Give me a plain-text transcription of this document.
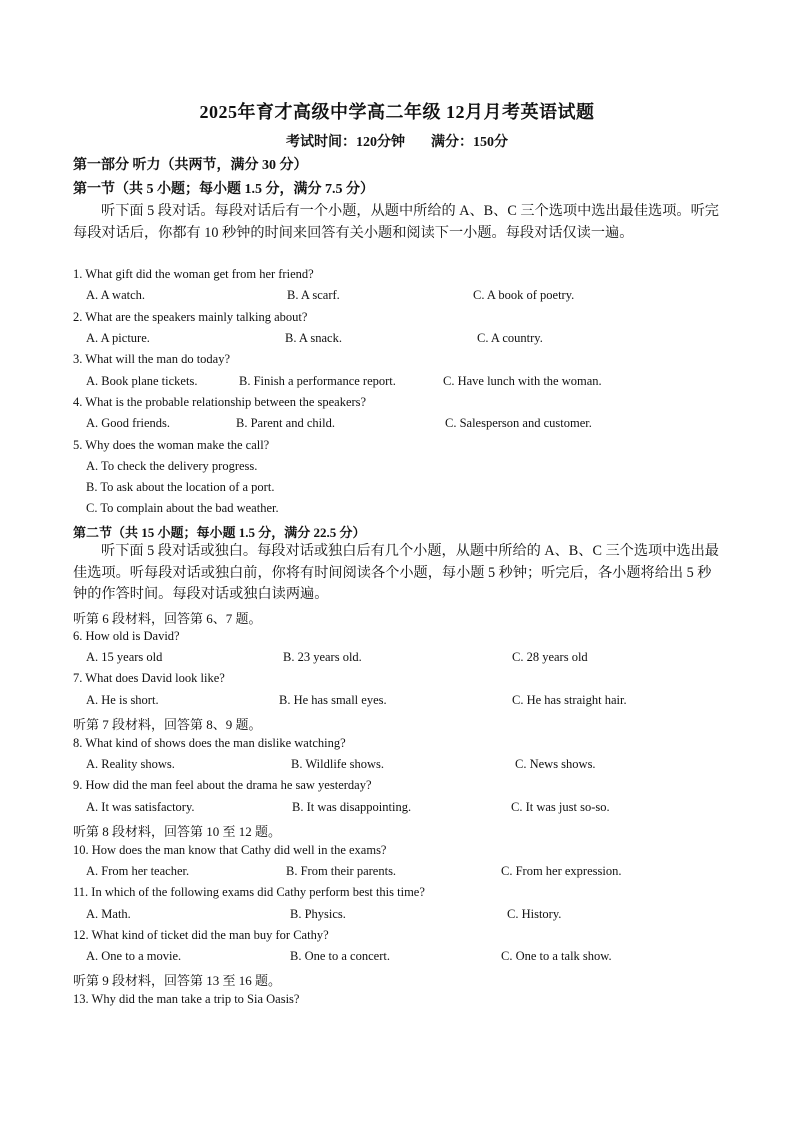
2025年育才高级中学高二年级 12月月考英语试题
考试时间：120分钟 满分：150分
第一部分 听力（共两节，满分 30 分）
第一节（共 5 小题；每小题 1.5 分，满分 7.5 分）
听下面 5 段对话。每段对话后有一个小题，从题中所给的 A、B、C 三个选项中选出最佳选项。听完每段对话后，你都有 10 秒钟的时间来回答有关小题和阅读下一小题。每段对话仅读一遍。
1. What gift did the woman get from her friend?
A. A watch.	B. A scarf.	C. A book of poetry.
2. What are the speakers mainly talking about?
A. A picture.	B. A snack.	C. A country.
3. What will the man do today?
A. Book plane tickets.	B. Finish a performance report.	C. Have lunch with the woman.
4. What is the probable relationship between the speakers?
A. Good friends.	B. Parent and child.	C. Salesperson and customer.
5. Why does the woman make the call?
A. To check the delivery progress.
B. To ask about the location of a port.
C. To complain about the bad weather.
第二节（共 15 小题；每小题 1.5 分，满分 22.5 分）
听下面 5 段对话或独白。每段对话或独白后有几个小题，从题中所给的 A、B、C 三个选项中选出最佳选项。听每段对话或独白前，你将有时间阅读各个小题，每小题 5 秒钟；听完后，各小题将给出 5 秒钟的作答时间。每段对话或独白读两遍。
听第 6 段材料，回答第 6、7 题。
6. How old is David?
A. 15 years old	B. 23 years old.	C. 28 years old
7. What does David look like?
A. He is short.	B. He has small eyes.	C. He has straight hair.
听第 7 段材料，回答第 8、9 题。
8. What kind of shows does the man dislike watching?
A. Reality shows.	B. Wildlife shows.	C. News shows.
9. How did the man feel about the drama he saw yesterday?
A. It was satisfactory.	B. It was disappointing.	C. It was just so-so.
听第 8 段材料，回答第 10 至 12 题。
10. How does the man know that Cathy did well in the exams?
A. From her teacher.	B. From their parents.	C. From her expression.
11. In which of the following exams did Cathy perform best this time?
A. Math.	B. Physics.	C. History.
12. What kind of ticket did the man buy for Cathy?
A. One to a movie.	B. One to a concert.	C. One to a talk show.
听第 9 段材料，回答第 13 至 16 题。
13. Why did the man take a trip to Sia Oasis?
